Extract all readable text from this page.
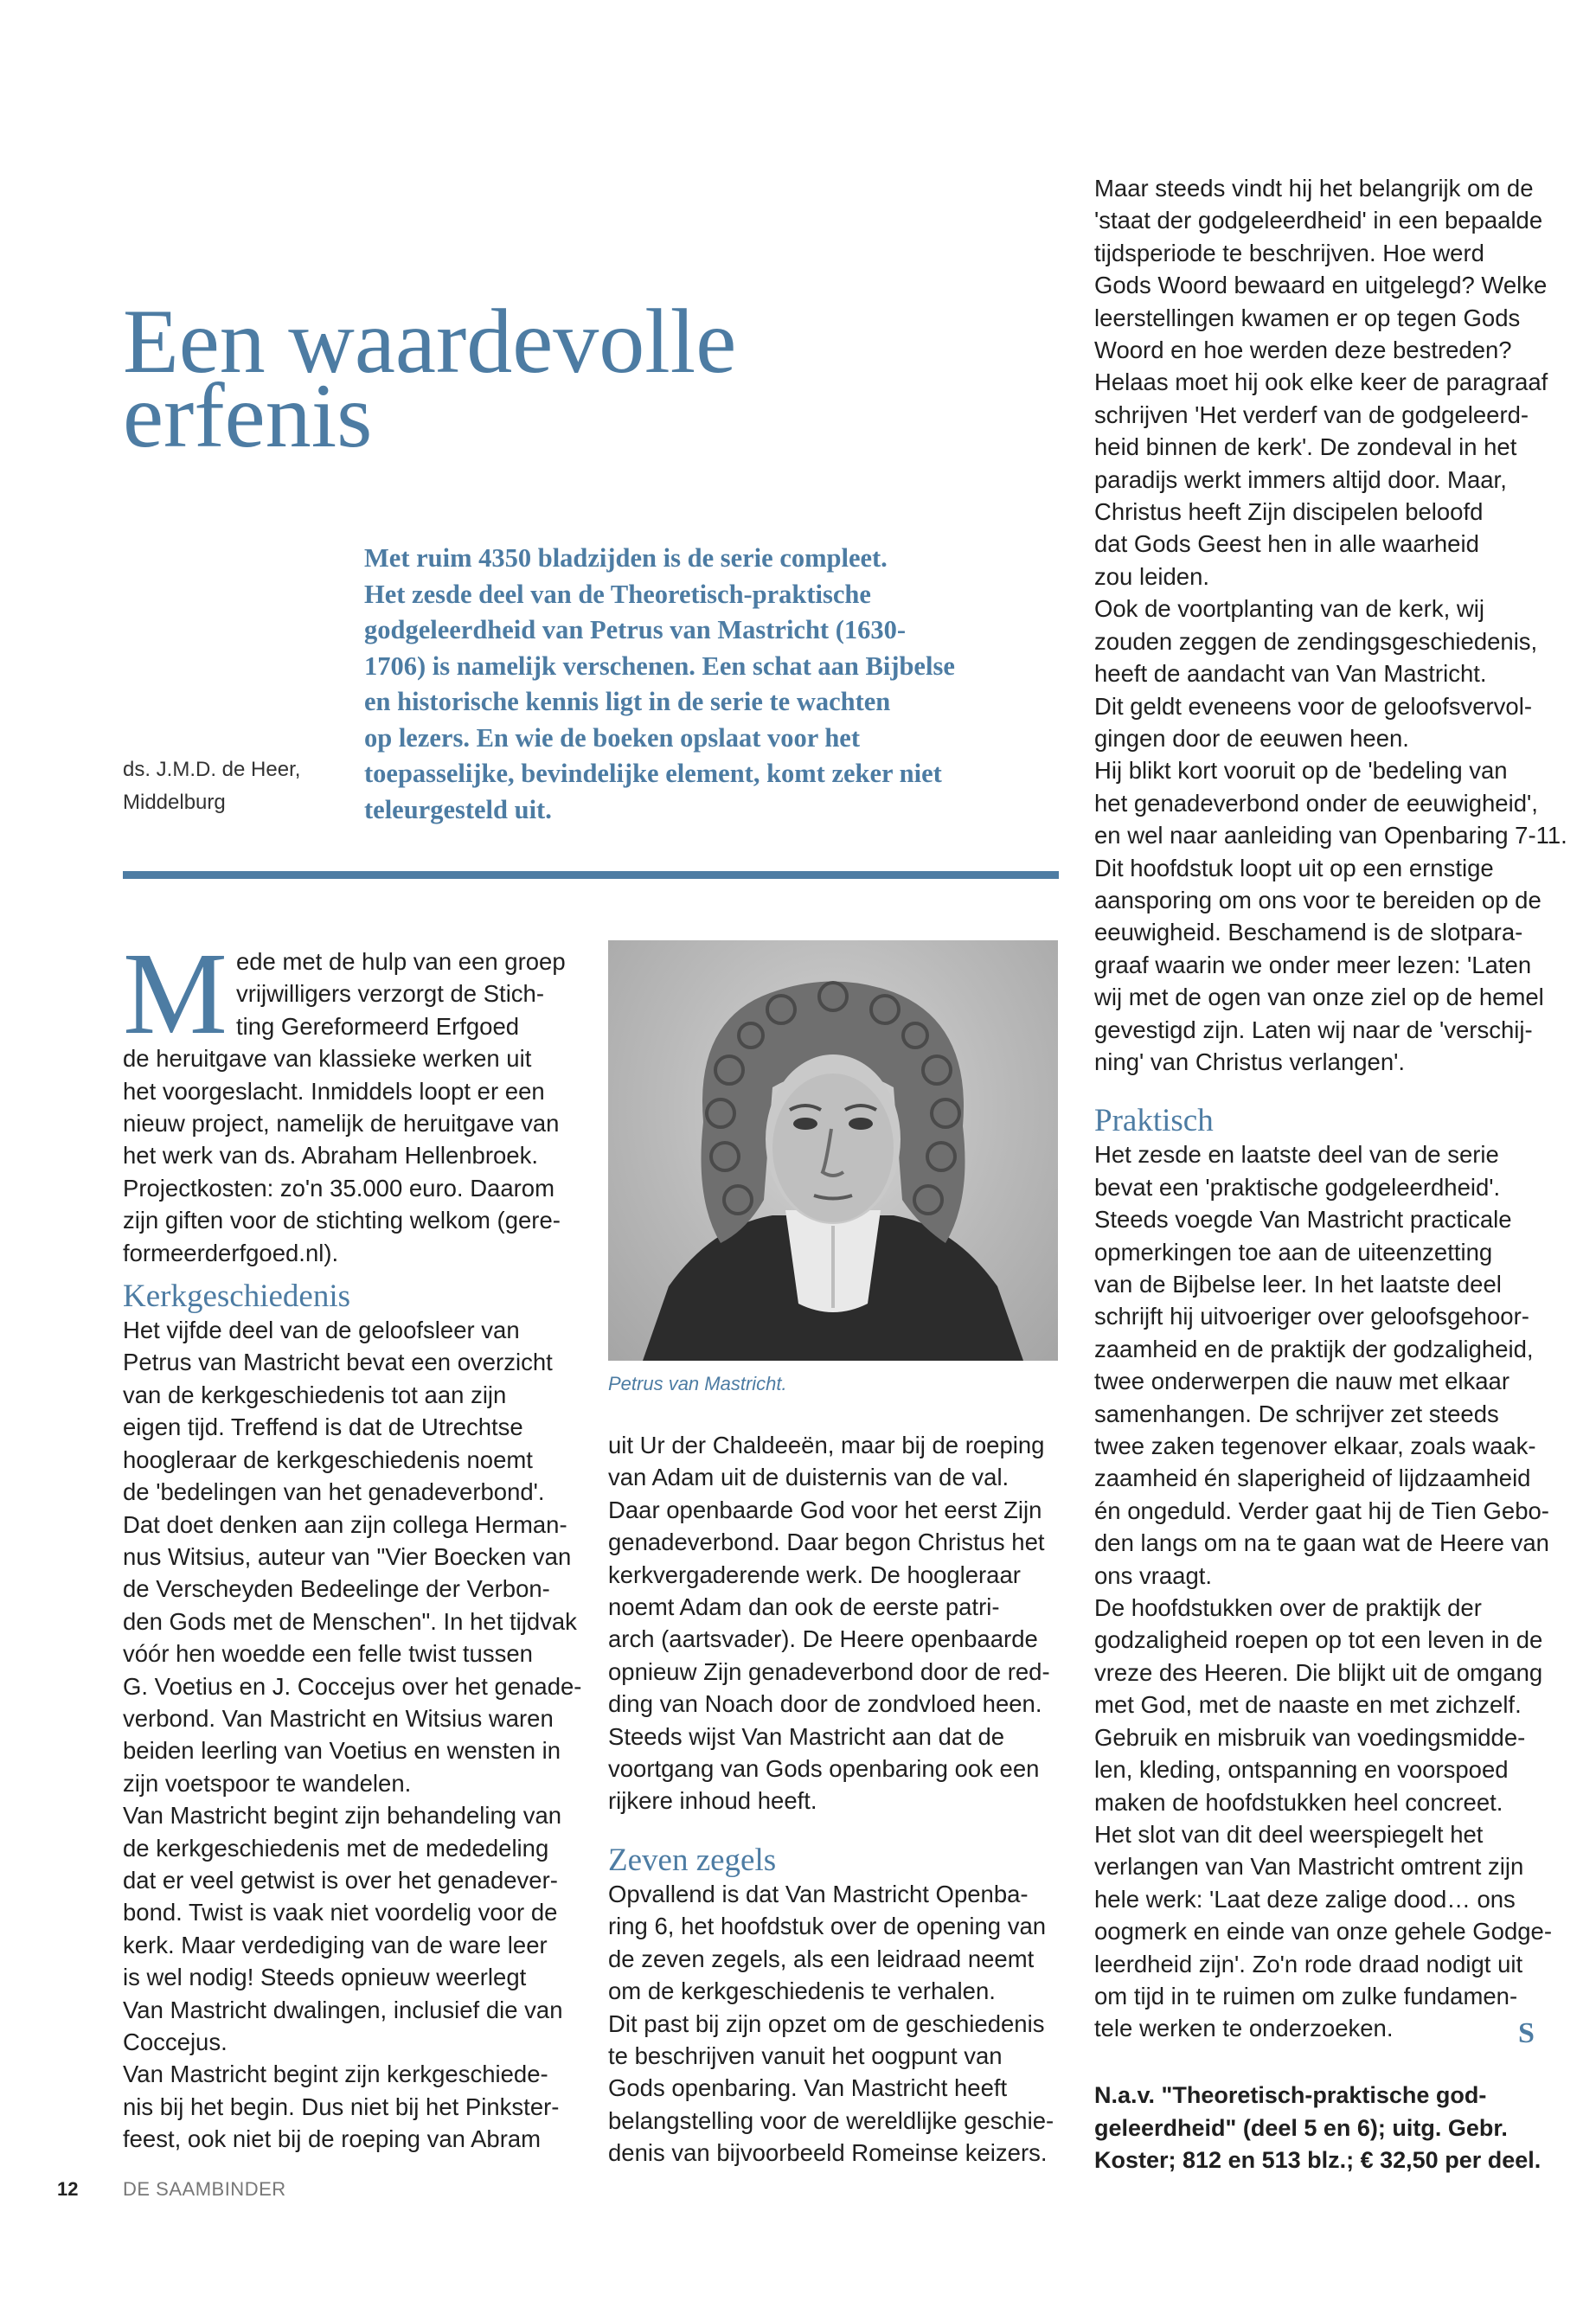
Een waardevolle
erfenis
Met ruim 4350 bladzijden is de serie compleet.
Het zesde deel van de Theoretisch-praktische
godgeleerdheid van Petrus van Mastricht (1630-
1706) is namelijk verschenen. Een schat aan Bijbelse
en historische kennis ligt in de serie te wachten
op lezers. En wie de boeken opslaat voor het
toepasselijke, bevindelijke element, komt zeker niet
teleurgesteld uit.
ds. J.M.D. de Heer,
Middelburg

M ede met de hulp van een groep
vrijwilligers verzorgt de Stich-
ting Gereformeerd Erfgoed
de heruitgave van klassieke werken uit
het voorgeslacht. Inmiddels loopt er een
nieuw project, namelijk de heruitgave van
het werk van ds. Abraham Hellenbroek.
Projectkosten: zo'n 35.000 euro. Daarom
zijn giften voor de stichting welkom (gere-
formeerderfgoed.nl).

Kerkgeschiedenis

Het vijfde deel van de geloofsleer van
Petrus van Mastricht bevat een overzicht
van de kerkgeschiedenis tot aan zijn
eigen tijd. Treffend is dat de Utrechtse
hoogleraar de kerkgeschiedenis noemt
de 'bedelingen van het genadeverbond'.
Dat doet denken aan zijn collega Herman-
nus Witsius, auteur van "Vier Boecken van
de Verscheyden Bedeelinge der Verbon-
den Gods met de Menschen". In het tijdvak
vóór hen woedde een felle twist tussen
G. Voetius en J. Coccejus over het genade-
verbond. Van Mastricht en Witsius waren
beiden leerling van Voetius en wensten in
zijn voetspoor te wandelen.

Van Mastricht begint zijn behandeling van
de kerkgeschiedenis met de mededeling
dat er veel getwist is over het genadever-
bond. Twist is vaak niet voordelig voor de
kerk. Maar verdediging van de ware leer
is wel nodig! Steeds opnieuw weerlegt
Van Mastricht dwalingen, inclusief die van
Coccejus.

Van Mastricht begint zijn kerkgeschiede-
nis bij het begin. Dus niet bij het Pinkster-
feest, ook niet bij de roeping van Abram

Petrus van Mastricht.

uit Ur der Chaldeeën, maar bij de roeping
van Adam uit de duisternis van de val.
Daar openbaarde God voor het eerst Zijn
genadeverbond. Daar begon Christus het
kerkvergaderende werk. De hoogleraar
noemt Adam dan ook de eerste patri-
arch (aartsvader). De Heere openbaarde
opnieuw Zijn genadeverbond door de red-
ding van Noach door de zondvloed heen.
Steeds wijst Van Mastricht aan dat de
voortgang van Gods openbaring ook een
rijkere inhoud heeft.

Zeven zegels

Opvallend is dat Van Mastricht Openba-
ring 6, het hoofdstuk over de opening van
de zeven zegels, als een leidraad neemt
om de kerkgeschiedenis te verhalen.

Dit past bij zijn opzet om de geschiedenis
te beschrijven vanuit het oogpunt van
Gods openbaring. Van Mastricht heeft
belangstelling voor de wereldlijke geschie-
denis van bijvoorbeeld Romeinse keizers.

Maar steeds vindt hij het belangrijk om de
'staat der godgeleerdheid' in een bepaalde
tijdsperiode te beschrijven. Hoe werd
Gods Woord bewaard en uitgelegd? Welke
leerstellingen kwamen er op tegen Gods
Woord en hoe werden deze bestreden?
Helaas moet hij ook elke keer de paragraaf
schrijven 'Het verderf van de godgeleerd-
heid binnen de kerk'. De zondeval in het
paradijs werkt immers altijd door. Maar,
Christus heeft Zijn discipelen beloofd
dat Gods Geest hen in alle waarheid
zou leiden.

Ook de voortplanting van de kerk, wij
zouden zeggen de zendingsgeschiedenis,
heeft de aandacht van Van Mastricht.

Dit geldt eveneens voor de geloofsvervol-
gingen door de eeuwen heen.

Hij blikt kort vooruit op de 'bedeling van
het genadeverbond onder de eeuwigheid',
en wel naar aanleiding van Openbaring 7-11.
Dit hoofdstuk loopt uit op een ernstige
aansporing om ons voor te bereiden op de
eeuwigheid. Beschamend is de slotpara-
graaf waarin we onder meer lezen: 'Laten
wij met de ogen van onze ziel op de hemel
gevestigd zijn. Laten wij naar de 'verschij-
ning' van Christus verlangen'.

Praktisch

Het zesde en laatste deel van de serie
bevat een 'praktische godgeleerdheid'.
Steeds voegde Van Mastricht practicale
opmerkingen toe aan de uiteenzetting
van de Bijbelse leer. In het laatste deel
schrijft hij uitvoeriger over geloofsgehoor-
zaamheid en de praktijk der godzaligheid,
twee onderwerpen die nauw met elkaar
samenhangen. De schrijver zet steeds
twee zaken tegenover elkaar, zoals waak-
zaamheid én slaperigheid of lijdzaamheid
én ongeduld. Verder gaat hij de Tien Gebo-
den langs om na te gaan wat de Heere van
ons vraagt.

De hoofdstukken over de praktijk der
godzaligheid roepen op tot een leven in de
vreze des Heeren. Die blijkt uit de omgang
met God, met de naaste en met zichzelf.
Gebruik en misbruik van voedingsmidde-
len, kleding, ontspanning en voorspoed
maken de hoofdstukken heel concreet.
Het slot van dit deel weerspiegelt het
verlangen van Van Mastricht omtrent zijn
hele werk: 'Laat deze zalige dood… ons
oogmerk en einde van onze gehele Godge-
leerdheid zijn'. Zo'n rode draad nodigt uit
om tijd in te ruimen om zulke fundamen-
tele werken te onderzoeken.	S
N.a.v. "Theoretisch-praktische god-
geleerdheid" (deel 5 en 6); uitg. Gebr.
Koster; 812 en 513 blz.; € 32,50 per deel.
12 DE SAAMBINDER
